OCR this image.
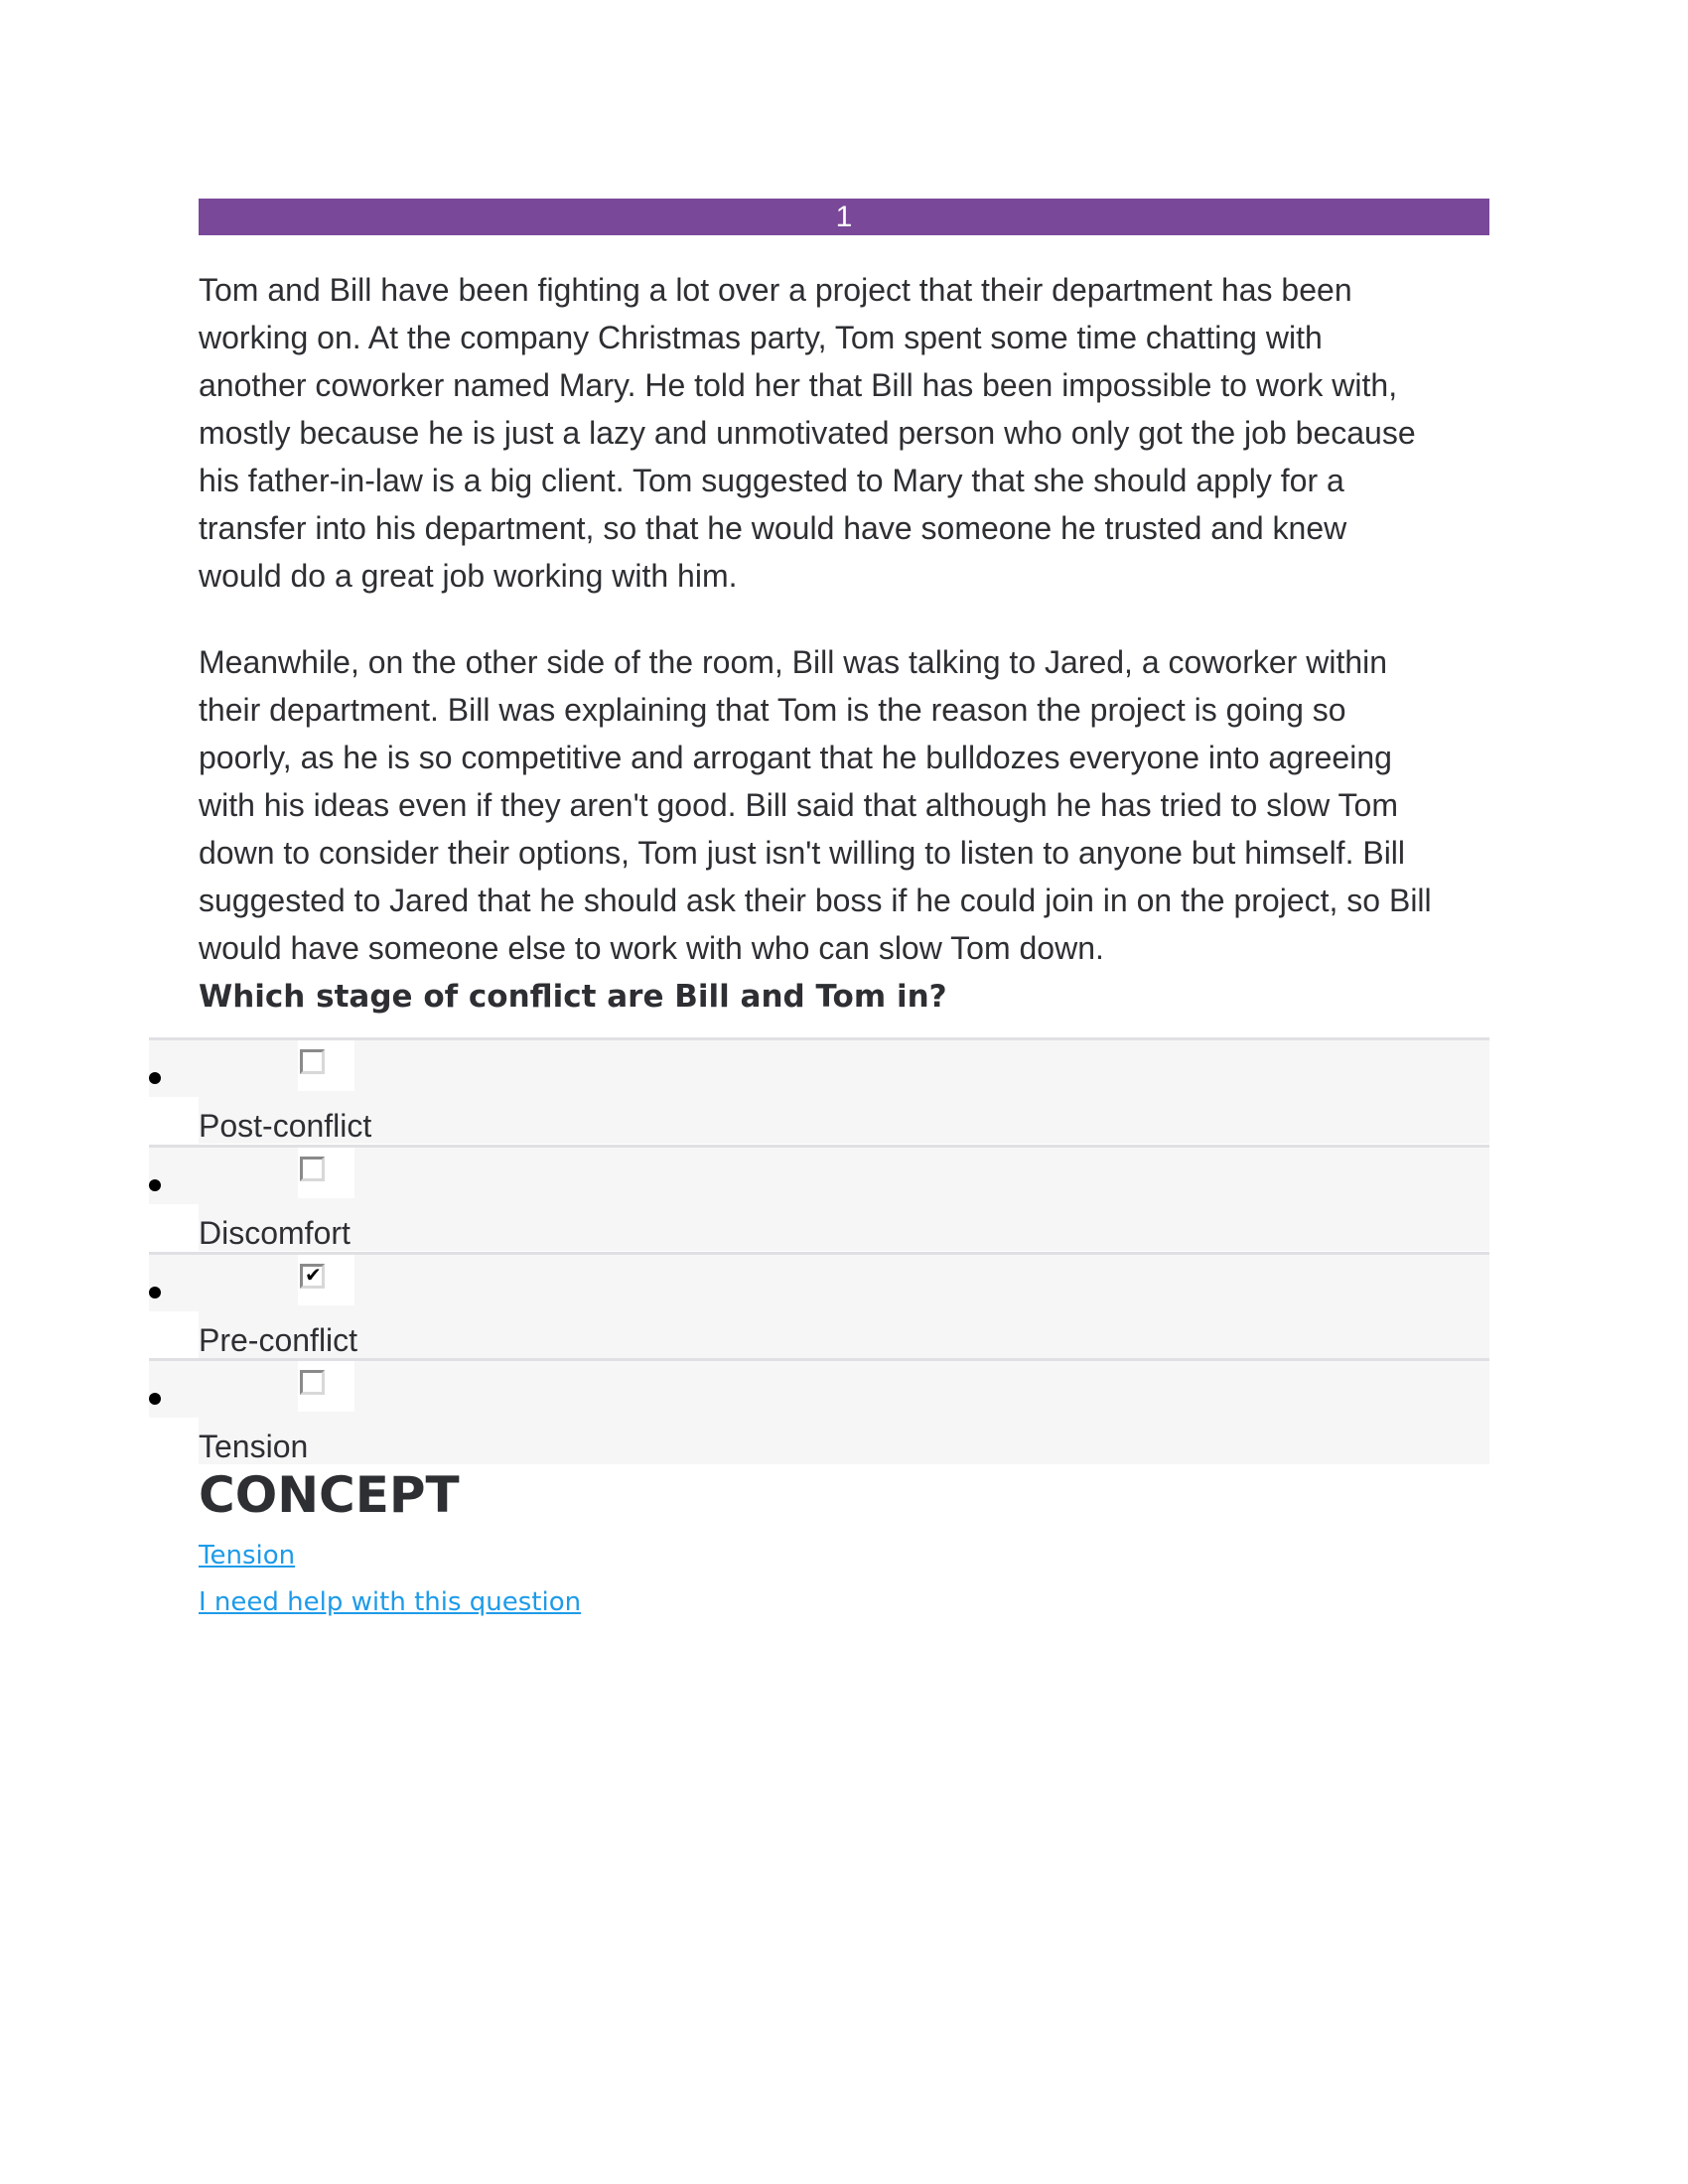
1
Tom and Bill have been fighting a lot over a project that their department has been
working on. At the company Christmas party, Tom spent some time chatting with
another coworker named Mary. He told her that Bill has been impossible to work with,
mostly because he is just a lazy and unmotivated person who only got the job because
his father-in-law is a big client. Tom suggested to Mary that she should apply for a
transfer into his department, so that he would have someone he trusted and knew
would do a great job working with him.
Meanwhile, on the other side of the room, Bill was talking to Jared, a coworker within
their department. Bill was explaining that Tom is the reason the project is going so
poorly, as he is so competitive and arrogant that he bulldozes everyone into agreeing
with his ideas even if they aren't good. Bill said that although he has tried to slow Tom
down to consider their options, Tom just isn't willing to listen to anyone but himself. Bill
suggested to Jared that he should ask their boss if he could join in on the project, so Bill
would have someone else to work with who can slow Tom down.
Which stage of conflict are Bill and Tom in?
Post-conflict
Discomfort
✔
Pre-conflict
Tension
CONCEPT
Tension
I need help with this question
